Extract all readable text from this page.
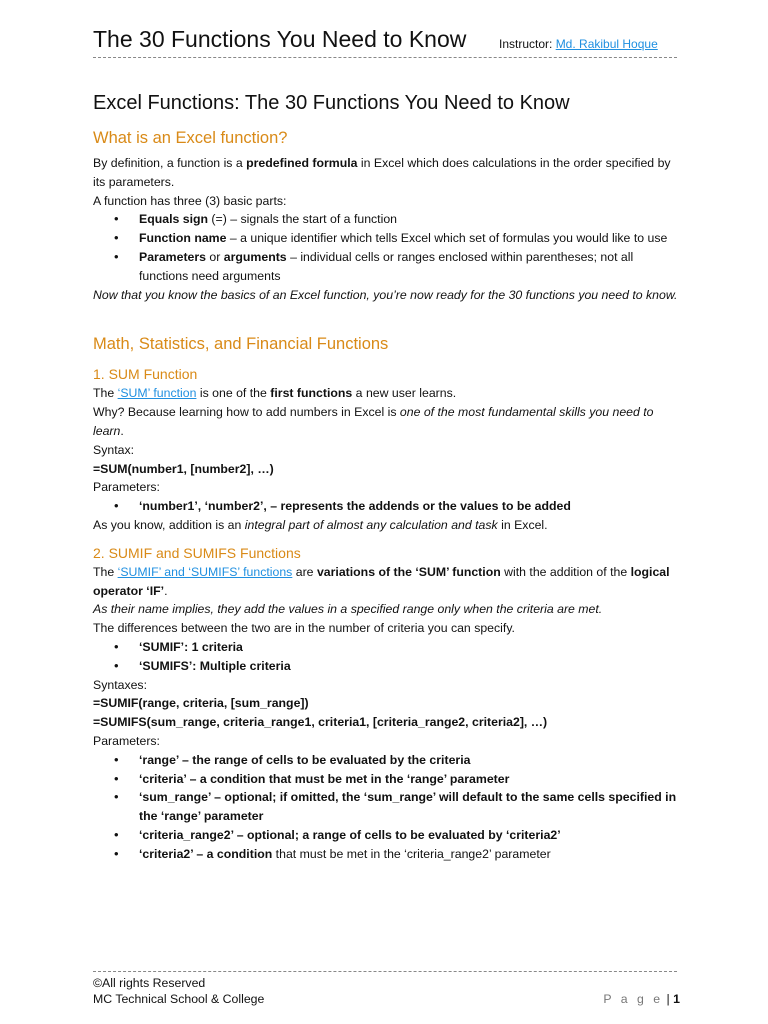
The 30 Functions You Need to Know	Instructor: Md. Rakibul Hoque
Excel Functions: The 30 Functions You Need to Know
What is an Excel function?

By definition, a function is a predefined formula in Excel which does calculations in the order specified by its parameters.

A function has three (3) basic parts:

• Equals sign (=) – signals the start of a function
• Function name – a unique identifier which tells Excel which set of formulas you would like to use
• Parameters or arguments – individual cells or ranges enclosed within parentheses; not all functions need arguments

Now that you know the basics of an Excel function, you’re now ready for the 30 functions you need to know.

Math, Statistics, and Financial Functions
1. SUM Function

The ‘SUM’ function is one of the first functions a new user learns.

Why? Because learning how to add numbers in Excel is one of the most fundamental skills you need to learn.

Syntax:

=SUM(number1, [number2], …)

Parameters:

• ‘number1’, ‘number2’, – represents the addends or the values to be added

As you know, addition is an integral part of almost any calculation and task in Excel.

2. SUMIF and SUMIFS Functions

The ‘SUMIF’ and ‘SUMIFS’ functions are variations of the ‘SUM’ function with the addition of the logical operator ‘IF’.

As their name implies, they add the values in a specified range only when the criteria are met.

The differences between the two are in the number of criteria you can specify.

• ‘SUMIF’: 1 criteria
• ‘SUMIFS’: Multiple criteria

Syntaxes:

=SUMIF(range, criteria, [sum_range])

=SUMIFS(sum_range, criteria_range1, criteria1, [criteria_range2, criteria2], …)

Parameters:

• ‘range’ – the range of cells to be evaluated by the criteria
• ‘criteria’ – a condition that must be met in the ‘range’ parameter
• ‘sum_range’ – optional; if omitted, the ‘sum_range’ will default to the same cells specified in the ‘range’ parameter
• ‘criteria_range2’ – optional; a range of cells to be evaluated by ‘criteria2’
• ‘criteria2’ – a condition that must be met in the ‘criteria_range2’ parameter
©All rights Reserved
MC Technical School & College	P a g e | 1
